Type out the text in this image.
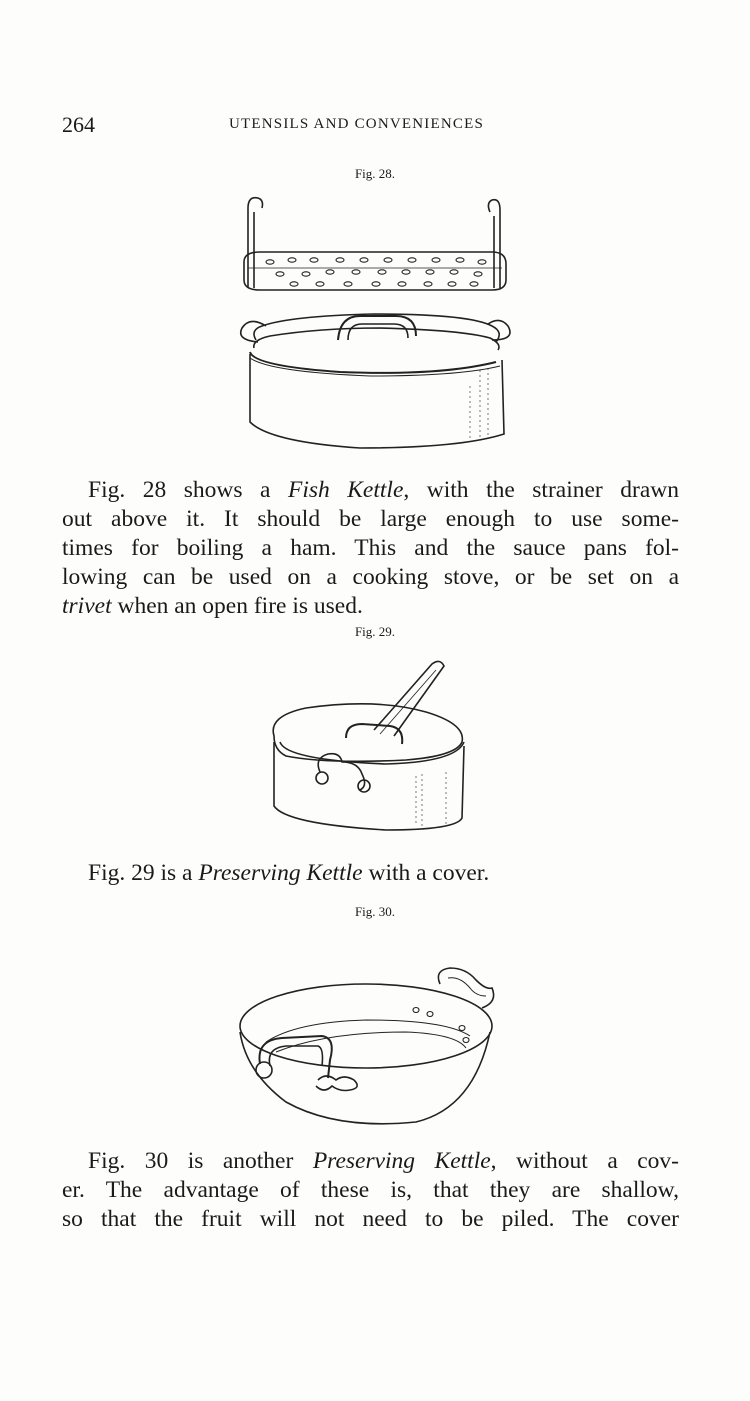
264	UTENSILS AND CONVENIENCES
Fig. 28.
Fig. 28 shows a Fish Kettle, with the strainer drawn
out above it. It should be large enough to use some-
times for boiling a ham. This and the sauce pans fol-
lowing can be used on a cooking stove, or be set on a
trivet when an open fire is used.
Fig. 29.
Fig. 29 is a Preserving Kettle with a cover.
Fig. 30.
Fig. 30 is another Preserving Kettle, without a cov-
er. The advantage of these is, that they are shallow,
so that the fruit will not need to be piled. The cover
